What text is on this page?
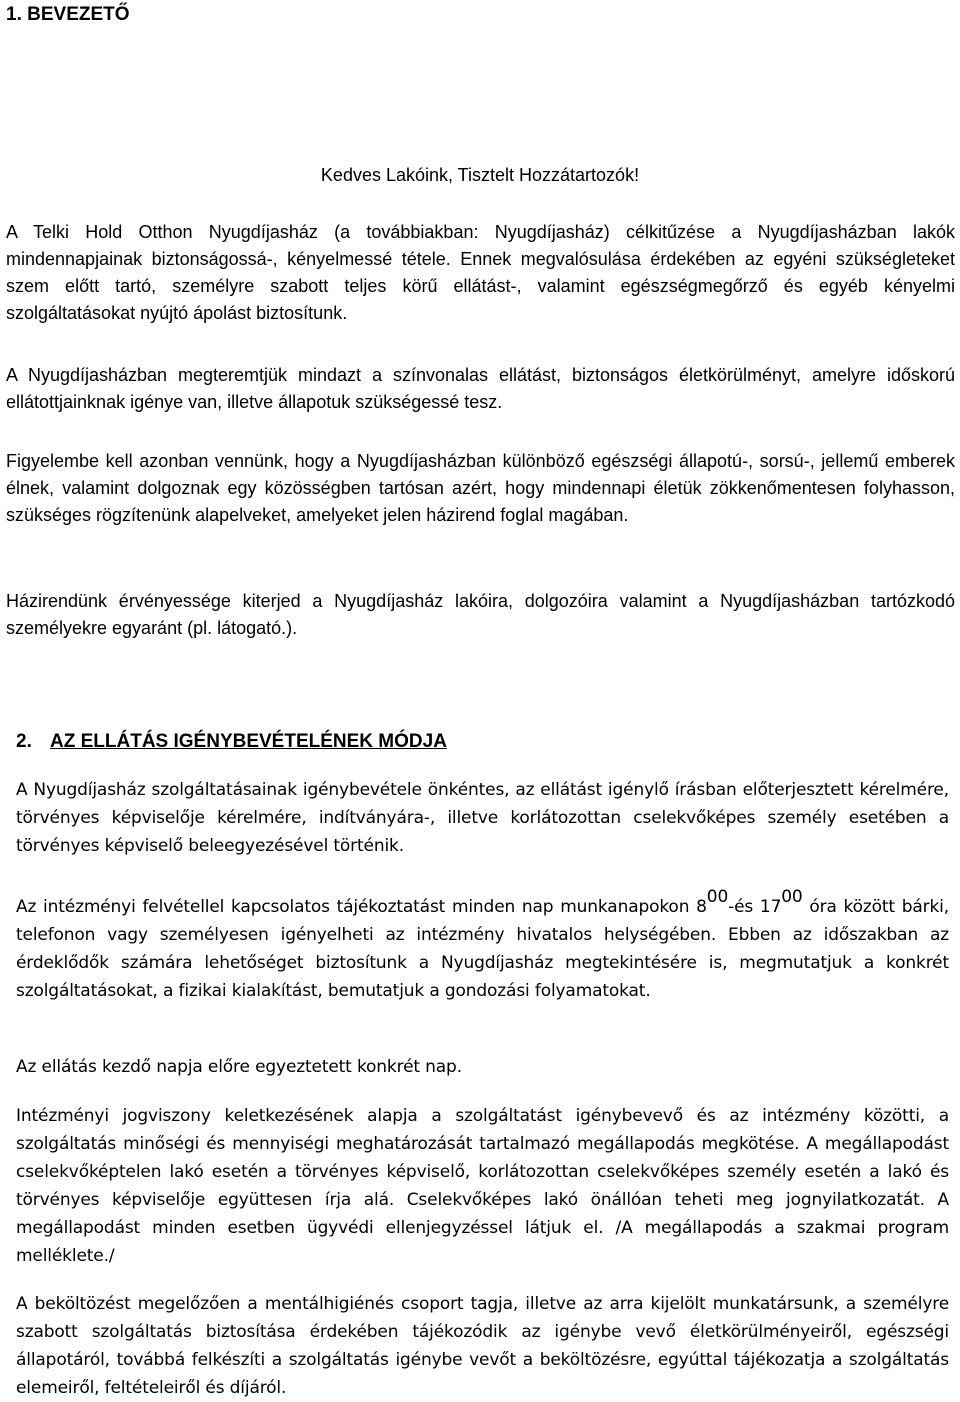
1. BEVEZETŐ

Kedves Lakóink, Tisztelt Hozzátartozók!

A Telki Hold Otthon Nyugdíjasház (a továbbiakban: Nyugdíjasház) célkitűzése a Nyugdíjasházban lakók mindennapjainak biztonságossá-, kényelmessé tétele. Ennek megvalósulása érdekében az egyéni szükségleteket szem előtt tartó, személyre szabott teljes körű ellátást-, valamint egészségmegőrző és egyéb kényelmi szolgáltatásokat nyújtó ápolást biztosítunk.

A Nyugdíjasházban megteremtjük mindazt a színvonalas ellátást, biztonságos életkörülményt, amelyre időskorú ellátottjainknak igénye van, illetve állapotuk szükségessé tesz.

Figyelembe kell azonban vennünk, hogy a Nyugdíjasházban különböző egészségi állapotú-, sorsú-, jellemű emberek élnek, valamint dolgoznak egy közösségben tartósan azért, hogy mindennapi életük zökkenőmentesen folyhasson, szükséges rögzítenünk alapelveket, amelyeket jelen házirend foglal magában.

Házirendünk érvényessége kiterjed a Nyugdíjasház lakóira, dolgozóira valamint a Nyugdíjasházban tartózkodó személyekre egyaránt (pl. látogató.).

2. AZ ELLÁTÁS IGÉNYBEVÉTELÉNEK MÓDJA

A Nyugdíjasház szolgáltatásainak igénybevétele önkéntes, az ellátást igénylő írásban előterjesztett kérelmére, törvényes képviselője kérelmére, indítványára-, illetve korlátozottan cselekvőképes személy esetében a törvényes képviselő beleegyezésével történik.

Az intézményi felvétellel kapcsolatos tájékoztatást minden nap munkanapokon $8^{00}-és$ $17^{00}$ óra között bárki, telefonon vagy személyesen igényelheti az intézmény hivatalos helységében. Ebben az időszakban az érdeklődők számára lehetőséget biztosítunk a Nyugdíjasház megtekintésére is, megmutatjuk a konkrét szolgáltatásokat, a fizikai kialakítást, bemutatjuk a gondozási folyamatokat.

Az ellátás kezdő napja előre egyeztetett konkrét nap.

Intézményi jogviszony keletkezésének alapja a szolgáltatást igénybevevő és az intézmény közötti, a szolgáltatás minőségi és mennyiségi meghatározását tartalmazó megállapodás megkötése. A megállapodást cselekvőképtelen lakó esetén a törvényes képviselő, korlátozottan cselekvőképes személy esetén a lakó és törvényes képviselője együttesen írja alá. Cselekvőképes lakó önállóan teheti meg jognyilatkozatát. A megállapodást minden esetben ügyvédi ellenjegyzéssel látjuk el. /A megállapodás a szakmai program melléklete./

A beköltözést megelőzően a mentálhigiénés csoport tagja, illetve az arra kijelölt munkatársunk, a személyre szabott szolgáltatás biztosítása érdekében tájékozódik az igénybe vevő életkörülményeiről, egészségi állapotáról, továbbá felkészíti a szolgáltatás igénybe vevőt a beköltözésre, egyúttal tájékozatja a szolgáltatás elemeiről, feltételeiről és díjáról.
